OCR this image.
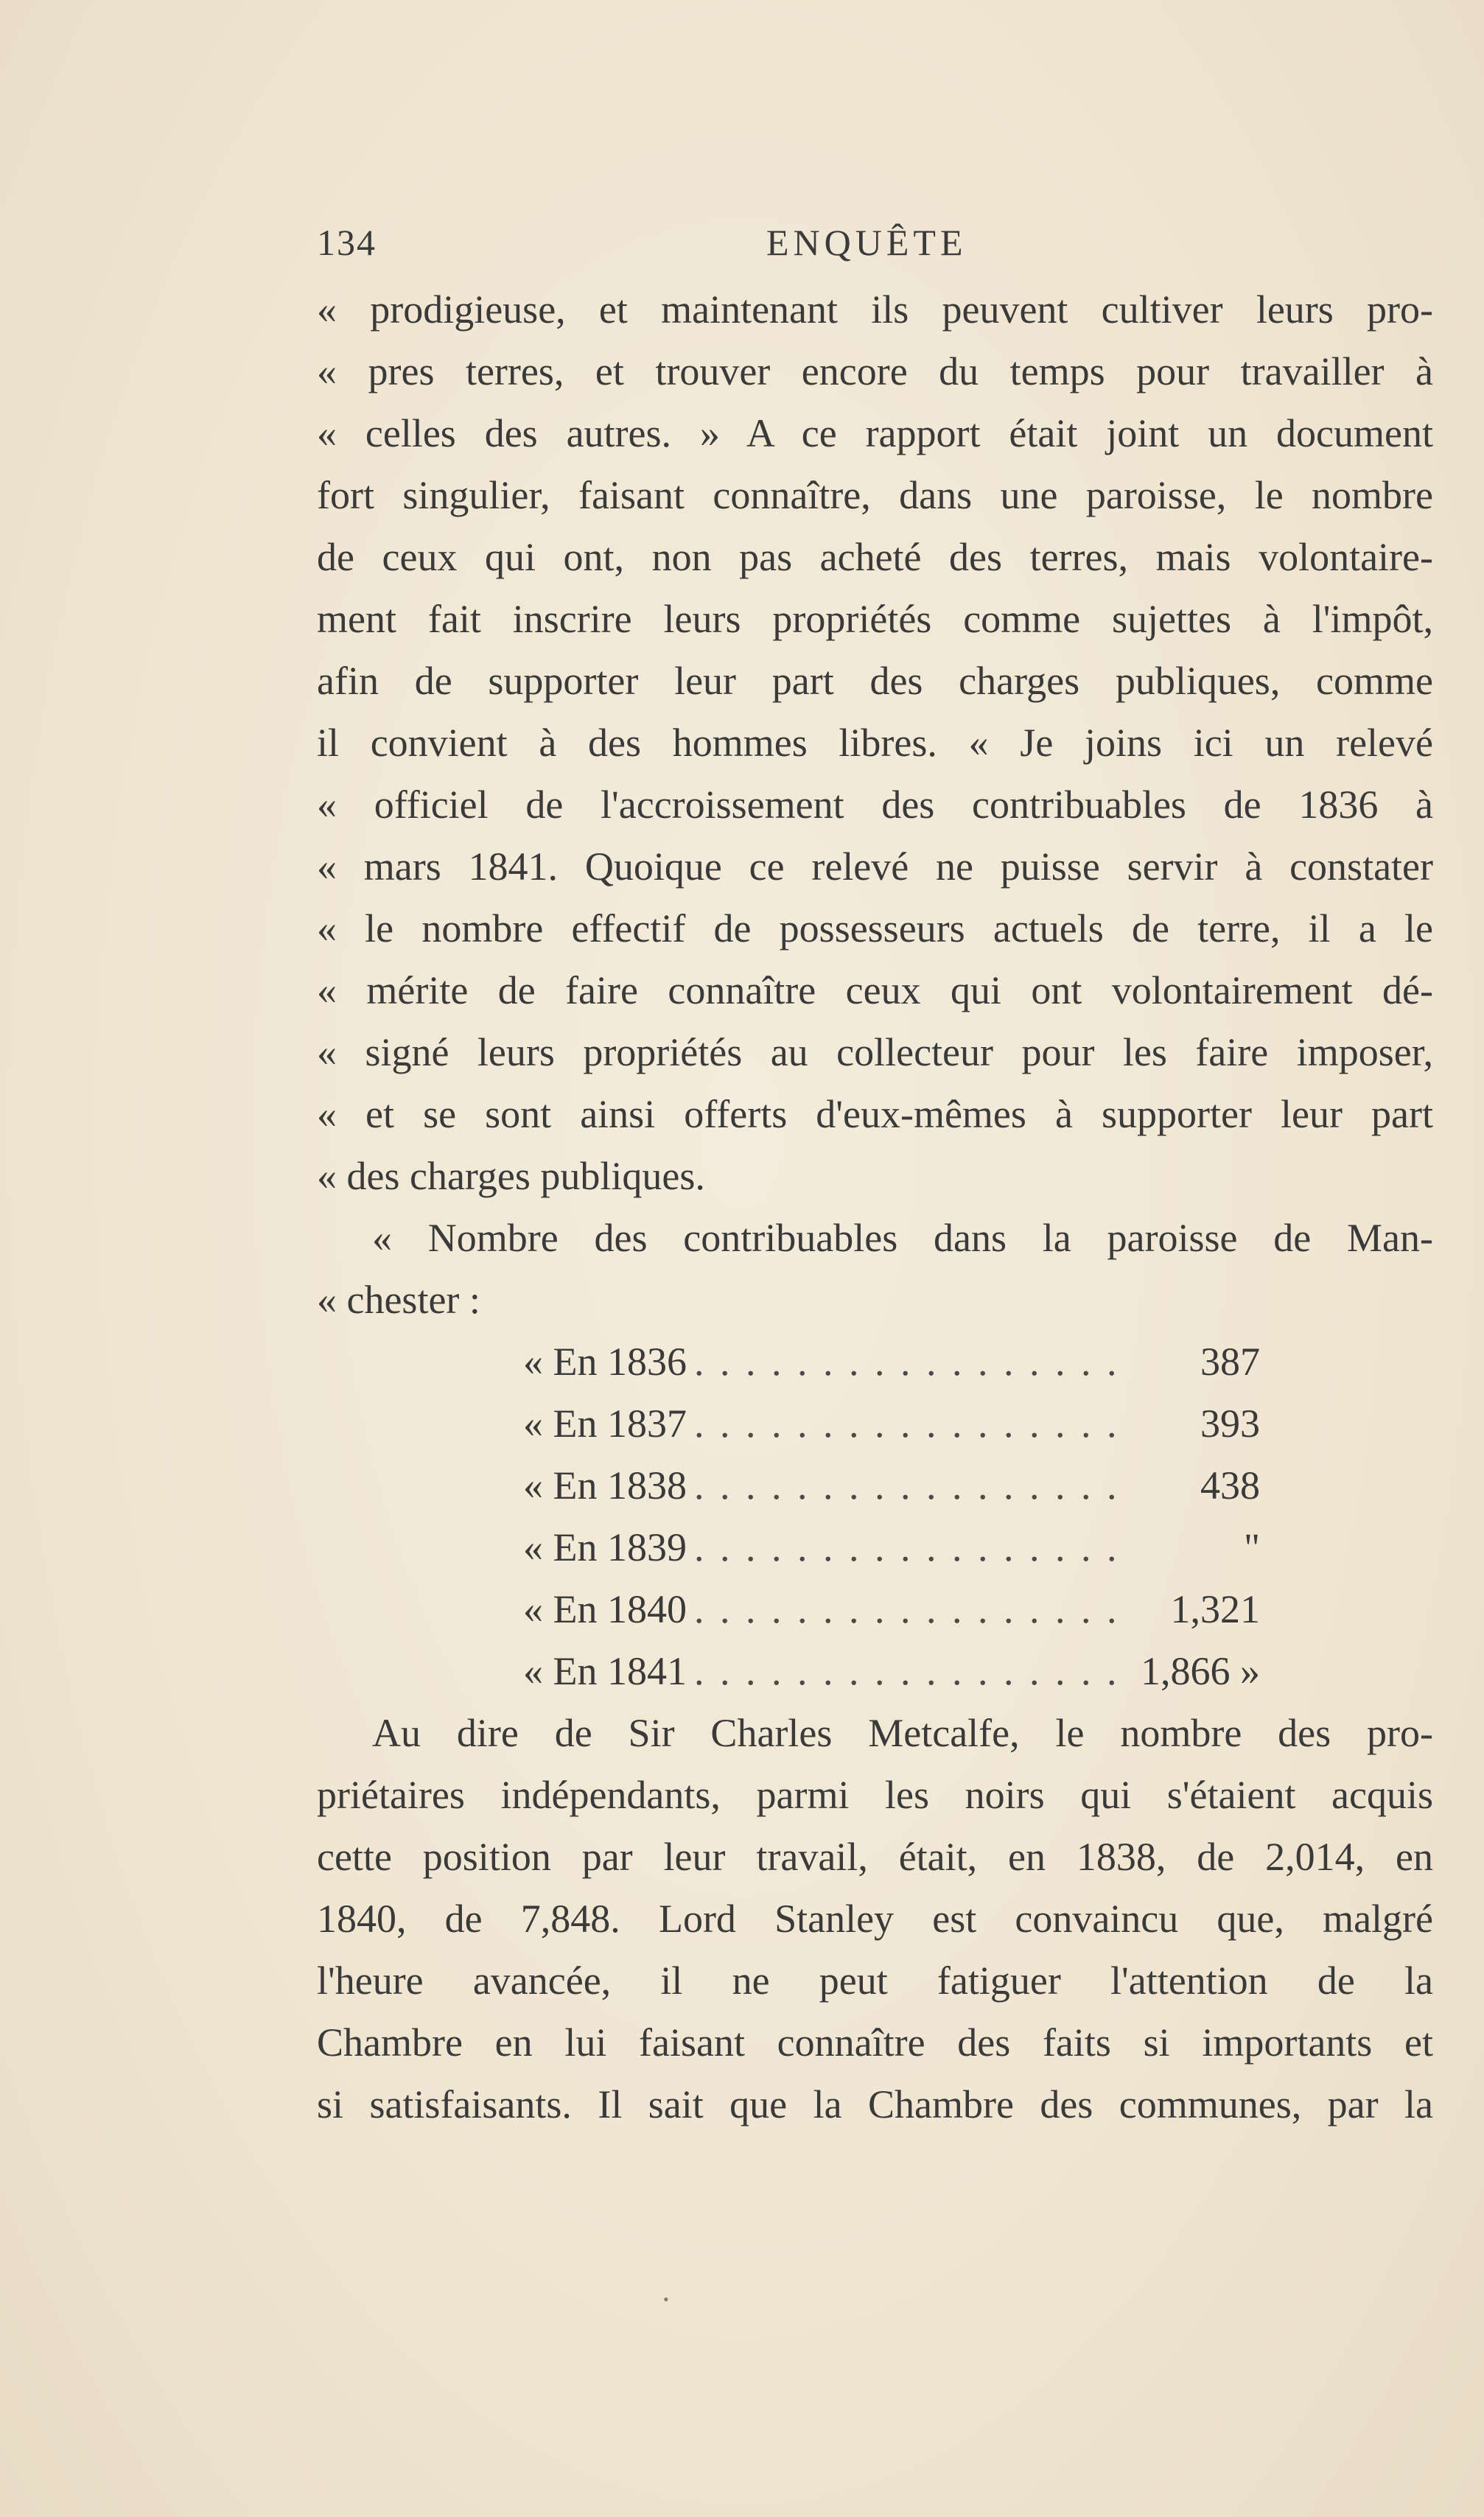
134	ENQUÊTE
« prodigieuse, et maintenant ils peuvent cultiver leurs pro-
« pres terres, et trouver encore du temps pour travailler à
« celles des autres. » A ce rapport était joint un document
fort singulier, faisant connaître, dans une paroisse, le nombre
de ceux qui ont, non pas acheté des terres, mais volontaire-
ment fait inscrire leurs propriétés comme sujettes à l'impôt,
afin de supporter leur part des charges publiques, comme
il convient à des hommes libres. « Je joins ici un relevé
« officiel de l'accroissement des contribuables de 1836 à
« mars 1841. Quoique ce relevé ne puisse servir à constater
« le nombre effectif de possesseurs actuels de terre, il a le
« mérite de faire connaître ceux qui ont volontairement dé-
« signé leurs propriétés au collecteur pour les faire imposer,
« et se sont ainsi offerts d'eux-mêmes à supporter leur part
« des charges publiques.
« Nombre des contribuables dans la paroisse de Man-
« chester :
« En 1836 . . .	387
« En 1837 . . .	393
« En 1838 . . .	438
« En 1839 . . .	"
« En 1840 . . .	1,321
« En 1841 . . .	1,866 »
Au dire de Sir Charles Metcalfe, le nombre des pro-
priétaires indépendants, parmi les noirs qui s'étaient acquis
cette position par leur travail, était, en 1838, de 2,014, en
1840, de 7,848. Lord Stanley est convaincu que, malgré
l'heure avancée, il ne peut fatiguer l'attention de la
Chambre en lui faisant connaître des faits si importants et
si satisfaisants. Il sait que la Chambre des communes, par la
•
